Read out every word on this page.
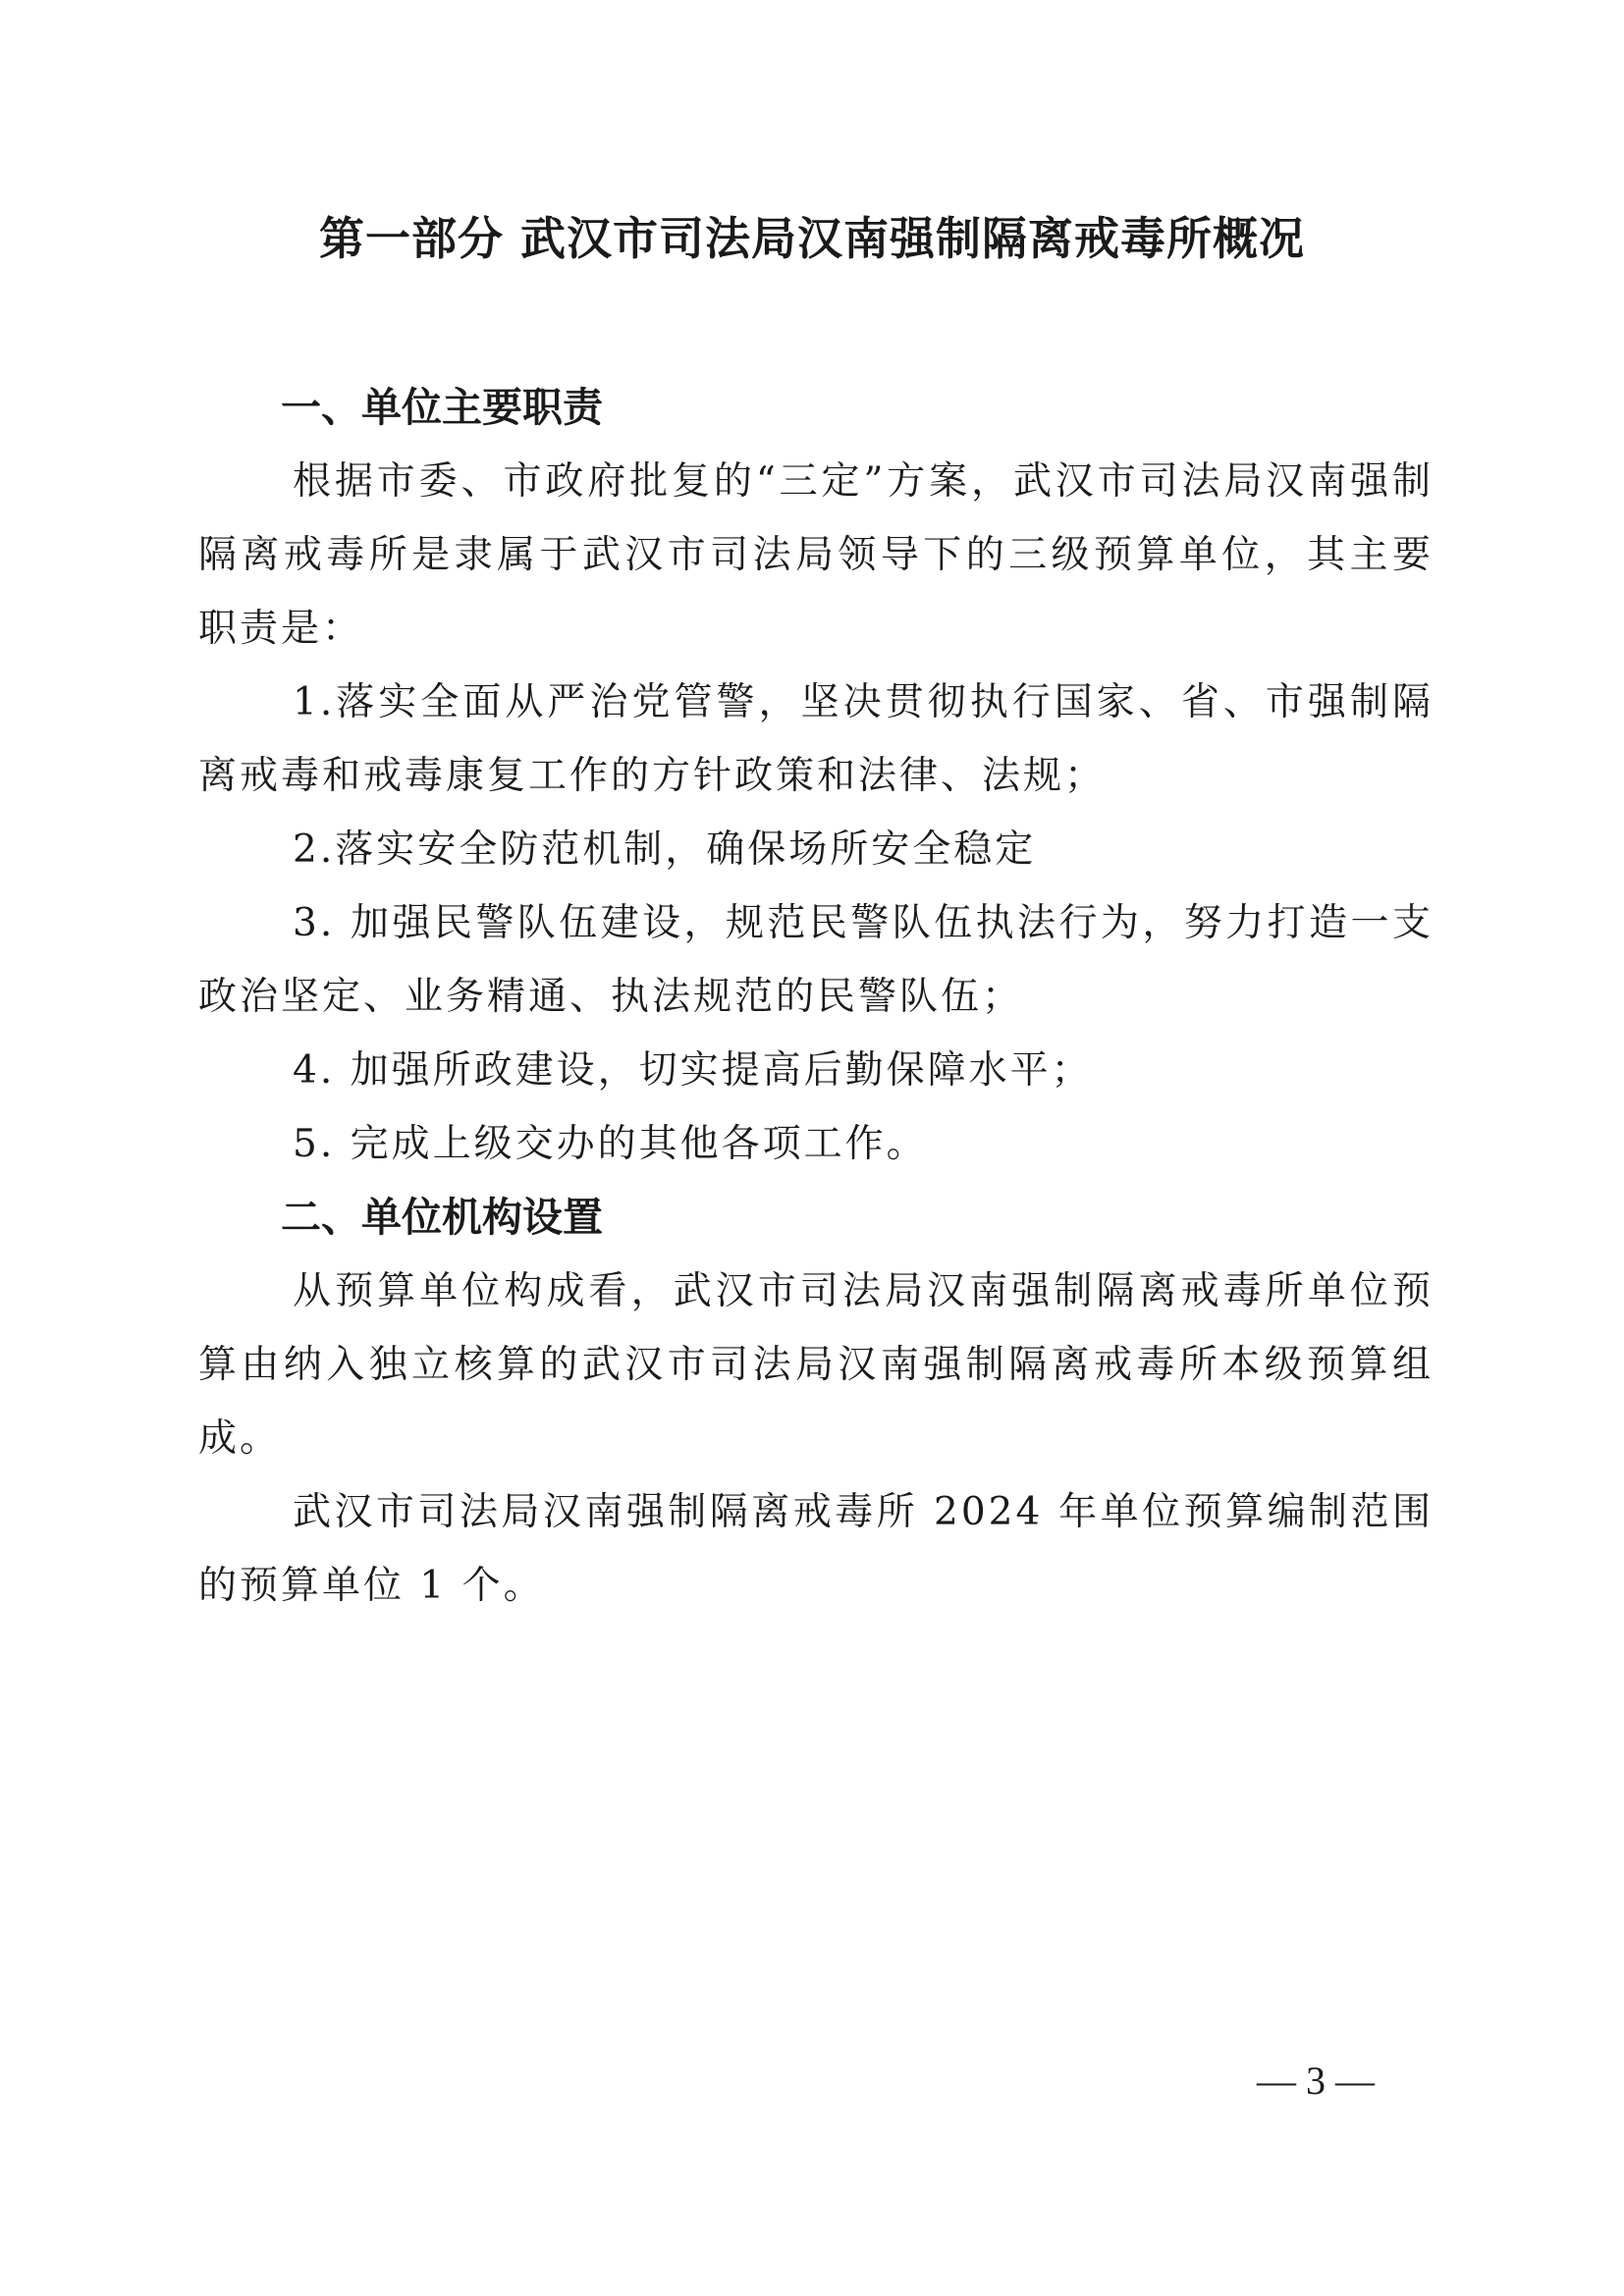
第一部分 武汉市司法局汉南强制隔离戒毒所概况

一、单位主要职责

根据市委、市政府批复的“三定”方案，武汉市司法局汉南强制隔离戒毒所是隶属于武汉市司法局领导下的三级预算单位，其主要职责是：

1.落实全面从严治党管警，坚决贯彻执行国家、省、市强制隔离戒毒和戒毒康复工作的方针政策和法律、法规；

2.落实安全防范机制，确保场所安全稳定

3. 加强民警队伍建设，规范民警队伍执法行为，努力打造一支政治坚定、业务精通、执法规范的民警队伍；

4. 加强所政建设，切实提高后勤保障水平；

5. 完成上级交办的其他各项工作。

二、单位机构设置

从预算单位构成看，武汉市司法局汉南强制隔离戒毒所单位预算由纳入独立核算的武汉市司法局汉南强制隔离戒毒所本级预算组成。

武汉市司法局汉南强制隔离戒毒所 2024 年单位预算编制范围的预算单位 1 个。

— 3 —
